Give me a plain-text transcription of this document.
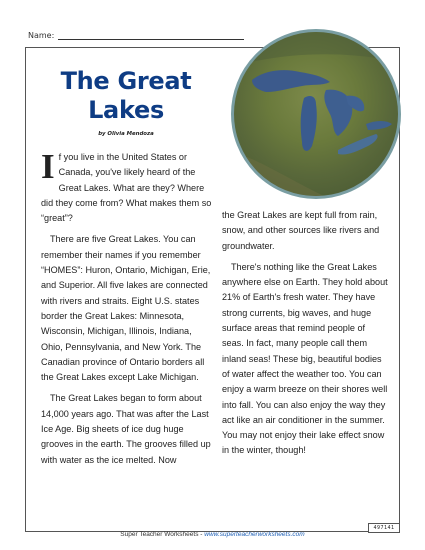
Name:
The Great Lakes
by Olivia Mendoza

If you live in the United States or Canada, you've likely heard of the Great Lakes. What are they? Where did they come from? What makes them so “great”?

There are five Great Lakes. You can remember their names if you remember “HOMES”: Huron, Ontario, Michigan, Erie, and Superior. All five lakes are connected with rivers and straits. Eight U.S. states border the Great Lakes: Minnesota, Wisconsin, Michigan, Illinois, Indiana, Ohio, Pennsylvania, and New York. The Canadian province of Ontario borders all the Great Lakes except Lake Michigan.

The Great Lakes began to form about 14,000 years ago. That was after the Last Ice Age. Big sheets of ice dug huge grooves in the earth. The grooves filled up with water as the ice melted. Now

the Great Lakes are kept full from rain, snow, and other sources like rivers and groundwater.

There's nothing like the Great Lakes anywhere else on Earth. They hold about 21% of Earth's fresh water. They have strong currents, big waves, and huge surface areas that remind people of seas. In fact, many people call them inland seas! These big, beautiful bodies of water affect the weather too. You can enjoy a warm breeze on their shores well into fall. You can also enjoy the way they act like an air conditioner in the summer. You may not enjoy their lake effect snow in the winter, though!

497141
Super Teacher Worksheets - www.superteacherworksheets.com
